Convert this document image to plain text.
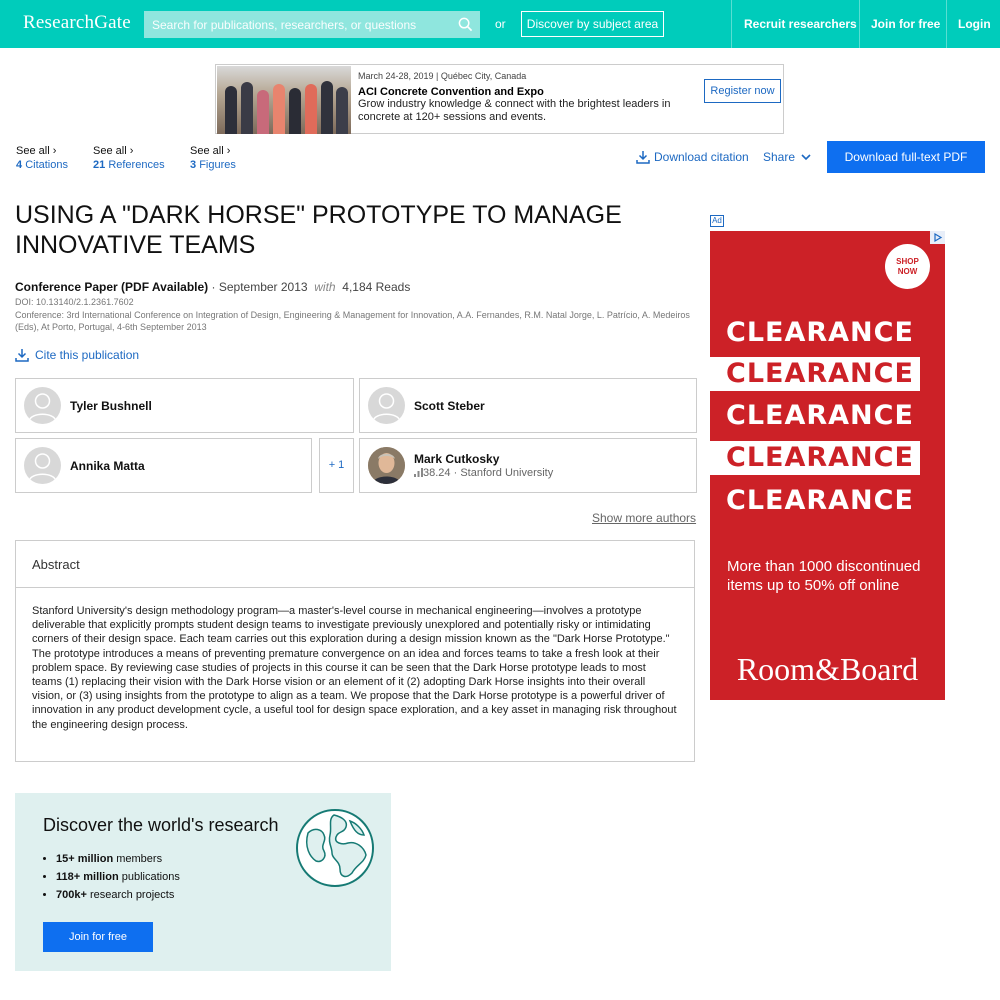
ResearchGate
Search for publications, researchers, or questions	or	Discover by subject area	Recruit researchers Join for free Login
March 24-28, 2019 | Québec City, Canada
ACI Concrete Convention and Expo
Grow industry knowledge & connect with the brightest leaders in concrete at 120+ sessions and events.
Register now
See all ›
4 Citations
See all ›
21 References
See all ›
3 Figures
Download citation Share	Download full-text PDF
USING A "DARK HORSE" PROTOTYPE TO MANAGE INNOVATIVE TEAMS
Conference Paper (PDF Available) · September 2013 with 4,184 Reads
DOI: 10.13140/2.1.2361.7602
Conference: 3rd International Conference on Integration of Design, Engineering & Management for Innovation, A.A. Fernandes, R.M. Natal Jorge, L. Patrício, A. Medeiros (Eds), At Porto, Portugal, 4-6th September 2013
Cite this publication
Tyler Bushnell	Scott Steber
Annika Matta	+ 1	Mark Cutkosky
38.24 · Stanford University
Show more authors
Abstract
Stanford University's design methodology program—a master's-level course in mechanical engineering—involves a prototype deliverable that explicitly prompts student design teams to investigate previously unexplored and potentially risky or intimidating corners of their design space. Each team carries out this exploration during a design mission known as the "Dark Horse Prototype." The prototype introduces a means of preventing premature convergence on an idea and forces teams to take a fresh look at their problem space. By reviewing case studies of projects in this course it can be seen that the Dark Horse prototype leads to most teams (1) replacing their vision with the Dark Horse vision or an element of it (2) adopting Dark Horse insights into their overall vision, or (3) using insights from the prototype to align as a team. We propose that the Dark Horse prototype is a powerful driver of innovation in any product development cycle, a useful tool for design space exploration, and a key asset in managing risk throughout the engineering design process.
Ad
SHOP
NOW
CLEARANCE
CLEARANCE
CLEARANCE
CLEARANCE
CLEARANCE
More than 1000 discontinued items up to 50% off online
Room&Board
Discover the world's research
• 15+ million members
• 118+ million publications
• 700k+ research projects
Join for free
